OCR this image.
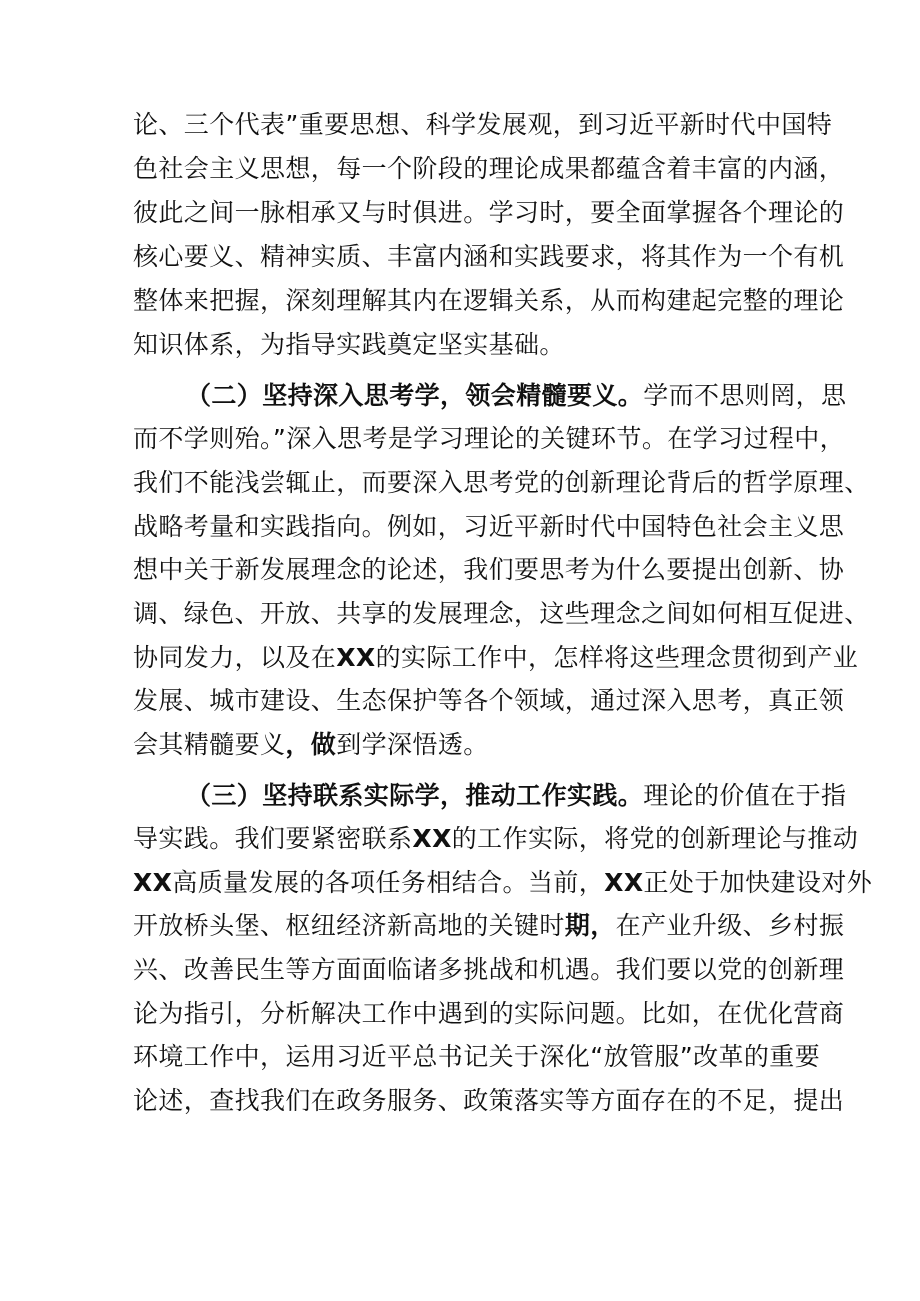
论、三个代表”重要思想、科学发展观，到习近平新时代中国特
色社会主义思想，每一个阶段的理论成果都蕴含着丰富的内涵，
彼此之间一脉相承又与时俱进。学习时，要全面掌握各个理论的
核心要义、精神实质、丰富内涵和实践要求，将其作为一个有机
整体来把握，深刻理解其内在逻辑关系，从而构建起完整的理论
知识体系，为指导实践奠定坚实基础。
（二）坚持深入思考学，领会精髓要义。学而不思则罔，思
而不学则殆。”深入思考是学习理论的关键环节。在学习过程中，
我们不能浅尝辄止，而要深入思考党的创新理论背后的哲学原理、
战略考量和实践指向。例如，习近平新时代中国特色社会主义思
想中关于新发展理念的论述，我们要思考为什么要提出创新、协
调、绿色、开放、共享的发展理念，这些理念之间如何相互促进、
协同发力，以及在XX的实际工作中，怎样将这些理念贯彻到产业
发展、城市建设、生态保护等各个领域，通过深入思考，真正领
会其精髓要义，做到学深悟透。
（三）坚持联系实际学，推动工作实践。理论的价值在于指
导实践。我们要紧密联系XX的工作实际，将党的创新理论与推动
XX高质量发展的各项任务相结合。当前，XX正处于加快建设对外
开放桥头堡、枢纽经济新高地的关键时期，在产业升级、乡村振
兴、改善民生等方面面临诸多挑战和机遇。我们要以党的创新理
论为指引，分析解决工作中遇到的实际问题。比如，在优化营商
环境工作中，运用习近平总书记关于深化“放管服”改革的重要
论述，查找我们在政务服务、政策落实等方面存在的不足，提出
